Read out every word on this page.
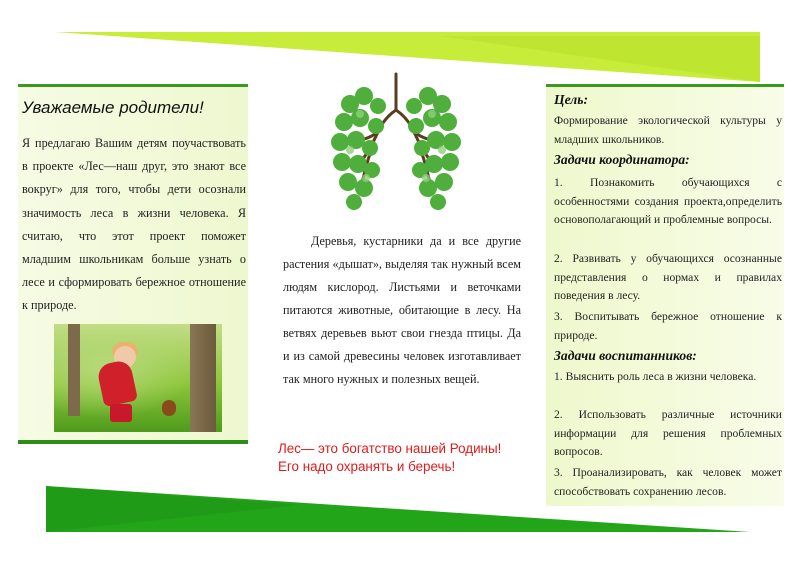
Уважаемые родители!
Я предлагаю Вашим детям поучаствовать в проекте «Лес—наш друг, это знают все вокруг» для того, чтобы дети осознали значимость леса в жизни человека. Я считаю, что этот проект поможет младшим школьникам больше узнать о лесе и сформировать бережное отношение к природе.
Деревья, кустарники да и все другие растения «дышат», выделяя так нужный всем людям кислород. Листьями и веточками питаются животные, обитающие в лесу. На ветвях деревьев вьют свои гнезда птицы. Да и из самой древесины человек изготавливает так много нужных и полезных вещей.
Лес— это богатство нашей Родины!
Его надо охранять и беречь!
Цель:
Формирование экологической культуры у младших школьников.
Задачи координатора:
1. Познакомить обучающихся с особенностями создания проекта,определить основополагающий и проблемные вопросы.
2. Развивать у обучающихся осознанные представления о нормах и правилах поведения в лесу.
3. Воспитывать бережное отношение к природе.
Задачи воспитанников:
1. Выяснить роль леса в жизни человека.
2. Использовать различные источники информации для решения проблемных вопросов.
3. Проанализировать, как человек может способствовать сохранению лесов.
